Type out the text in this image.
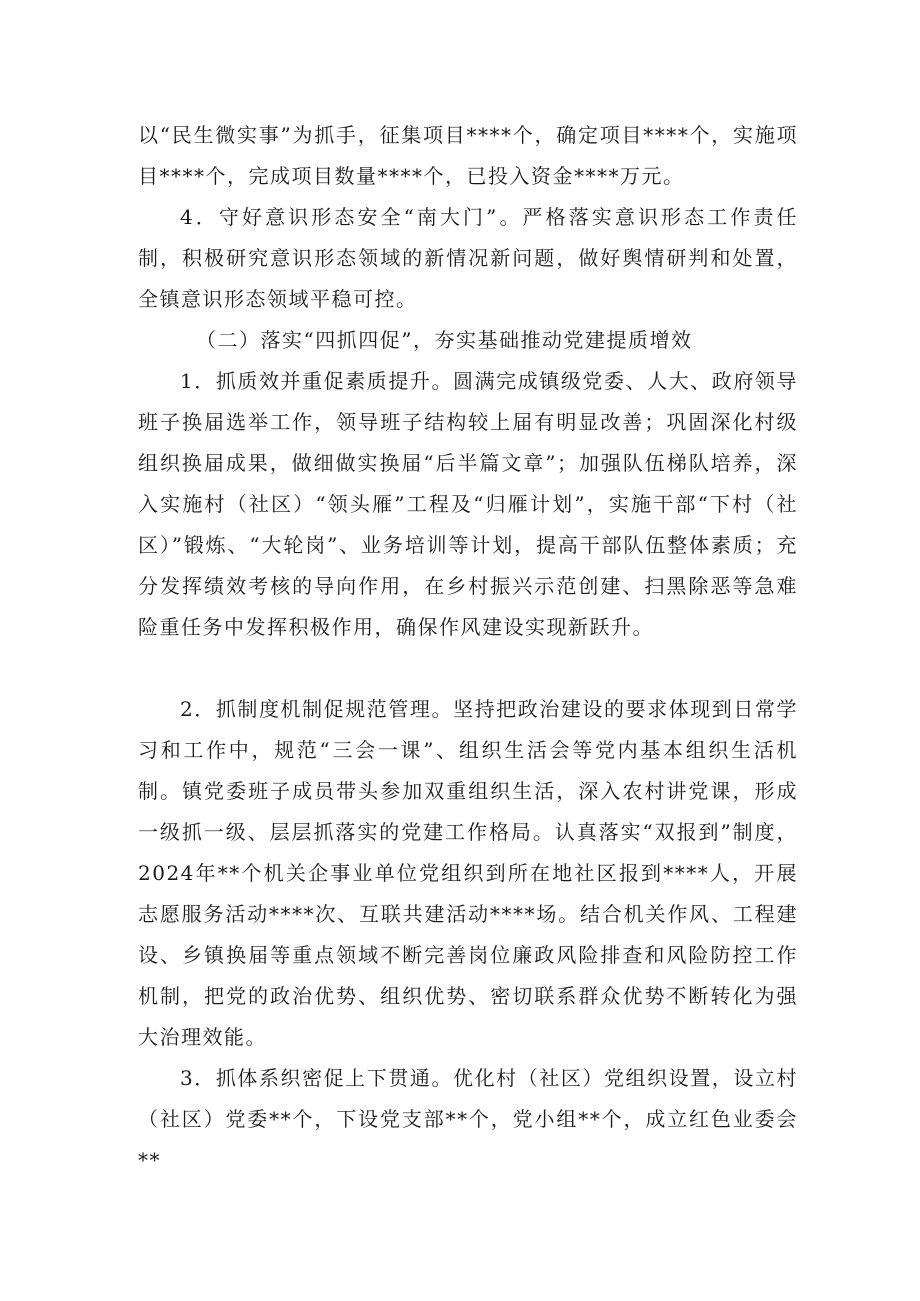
以“民生微实事”为抓手，征集项目****个，确定项目****个，实施项目****个，完成项目数量****个，已投入资金****万元。

4．守好意识形态安全“南大门”。严格落实意识形态工作责任制，积极研究意识形态领域的新情况新问题，做好舆情研判和处置，全镇意识形态领域平稳可控。

（二）落实“四抓四促”，夯实基础推动党建提质增效

1．抓质效并重促素质提升。圆满完成镇级党委、人大、政府领导班子换届选举工作，领导班子结构较上届有明显改善；巩固深化村级组织换届成果，做细做实换届“后半篇文章”；加强队伍梯队培养，深入实施村（社区）“领头雁”工程及“归雁计划”，实施干部“下村（社区）”锻炼、“大轮岗”、业务培训等计划，提高干部队伍整体素质；充分发挥绩效考核的导向作用，在乡村振兴示范创建、扫黑除恶等急难险重任务中发挥积极作用，确保作风建设实现新跃升。

2．抓制度机制促规范管理。坚持把政治建设的要求体现到日常学习和工作中，规范“三会一课”、组织生活会等党内基本组织生活机制。镇党委班子成员带头参加双重组织生活，深入农村讲党课，形成一级抓一级、层层抓落实的党建工作格局。认真落实“双报到”制度，2024年**个机关企事业单位党组织到所在地社区报到****人，开展志愿服务活动****次、互联共建活动****场。结合机关作风、工程建设、乡镇换届等重点领域不断完善岗位廉政风险排查和风险防控工作机制，把党的政治优势、组织优势、密切联系群众优势不断转化为强大治理效能。

3．抓体系织密促上下贯通。优化村（社区）党组织设置，设立村（社区）党委**个，下设党支部**个，党小组**个，成立红色业委会**
